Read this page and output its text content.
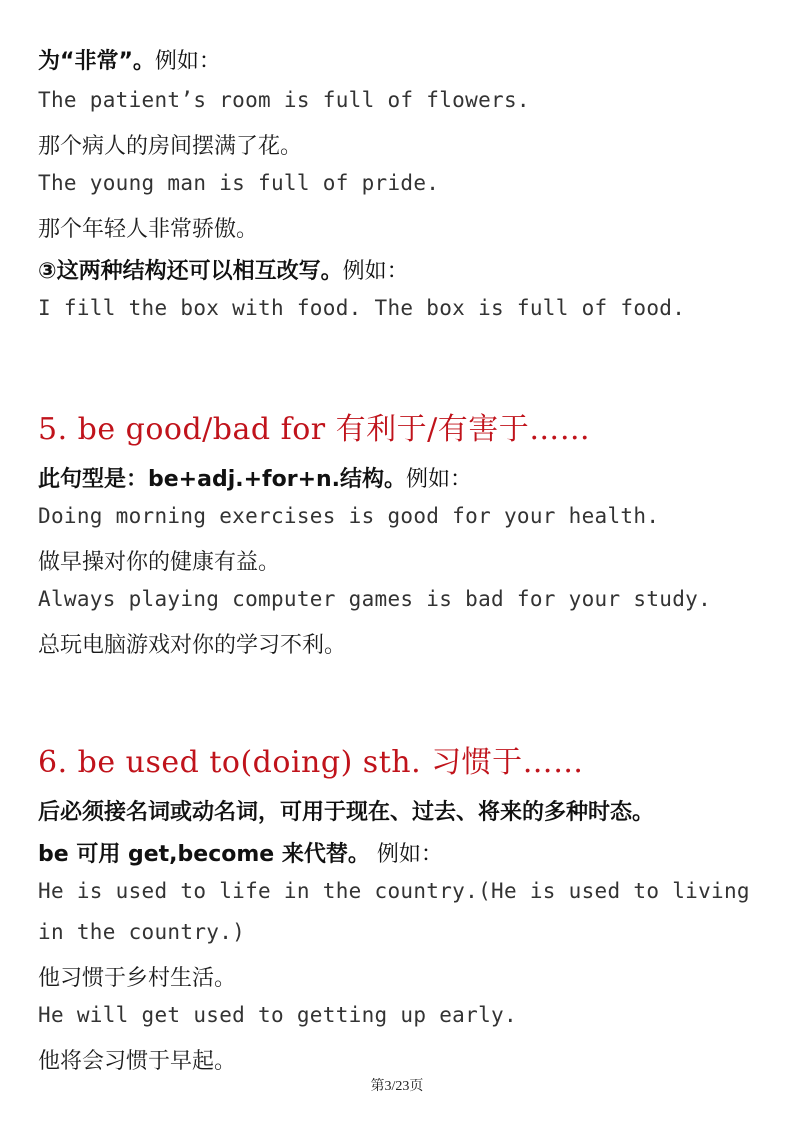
为“非常”。例如：

The patient’s room is full of flowers.

那个病人的房间摆满了花。

The young man is full of pride.

那个年轻人非常骄傲。

③这两种结构还可以相互改写。例如：

I fill the box with food. The box is full of food.

5. be good/bad for 有利于/有害于……

此句型是：be+adj.+for+n.结构。例如：

Doing morning exercises is good for your health.

做早操对你的健康有益。

Always playing computer games is bad for your study.

总玩电脑游戏对你的学习不利。

6. be used to(doing) sth. 习惯于……

后必须接名词或动名词，可用于现在、过去、将来的多种时态。

be 可用 get,become 来代替。 例如：

He is used to life in the country.(He is used to living

in the country.)

他习惯于乡村生活。

He will get used to getting up early.

他将会习惯于早起。

第3/23页
